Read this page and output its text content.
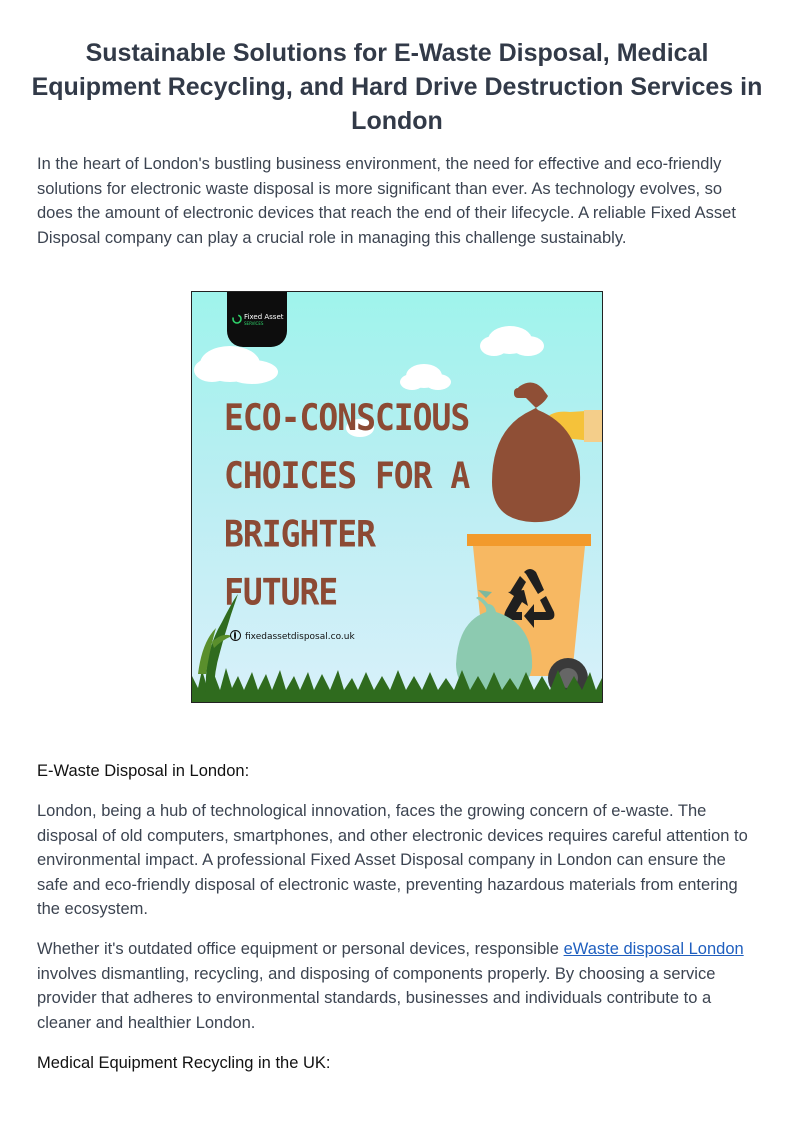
Sustainable Solutions for E-Waste Disposal, Medical Equipment Recycling, and Hard Drive Destruction Services in London

In the heart of London's bustling business environment, the need for effective and eco-friendly solutions for electronic waste disposal is more significant than ever. As technology evolves, so does the amount of electronic devices that reach the end of their lifecycle. A reliable Fixed Asset Disposal company can play a crucial role in managing this challenge sustainably.

Fixed Asset
SERVICES
ECO-CONSCIOUS
CHOICES FOR A
BRIGHTER
FUTURE
fixedassetdisposal.co.uk
E-Waste Disposal in London:

London, being a hub of technological innovation, faces the growing concern of e-waste. The disposal of old computers, smartphones, and other electronic devices requires careful attention to environmental impact. A professional Fixed Asset Disposal company in London can ensure the safe and eco-friendly disposal of electronic waste, preventing hazardous materials from entering the ecosystem.

Whether it's outdated office equipment or personal devices, responsible eWaste disposal London involves dismantling, recycling, and disposing of components properly. By choosing a service provider that adheres to environmental standards, businesses and individuals contribute to a cleaner and healthier London.

Medical Equipment Recycling in the UK:
